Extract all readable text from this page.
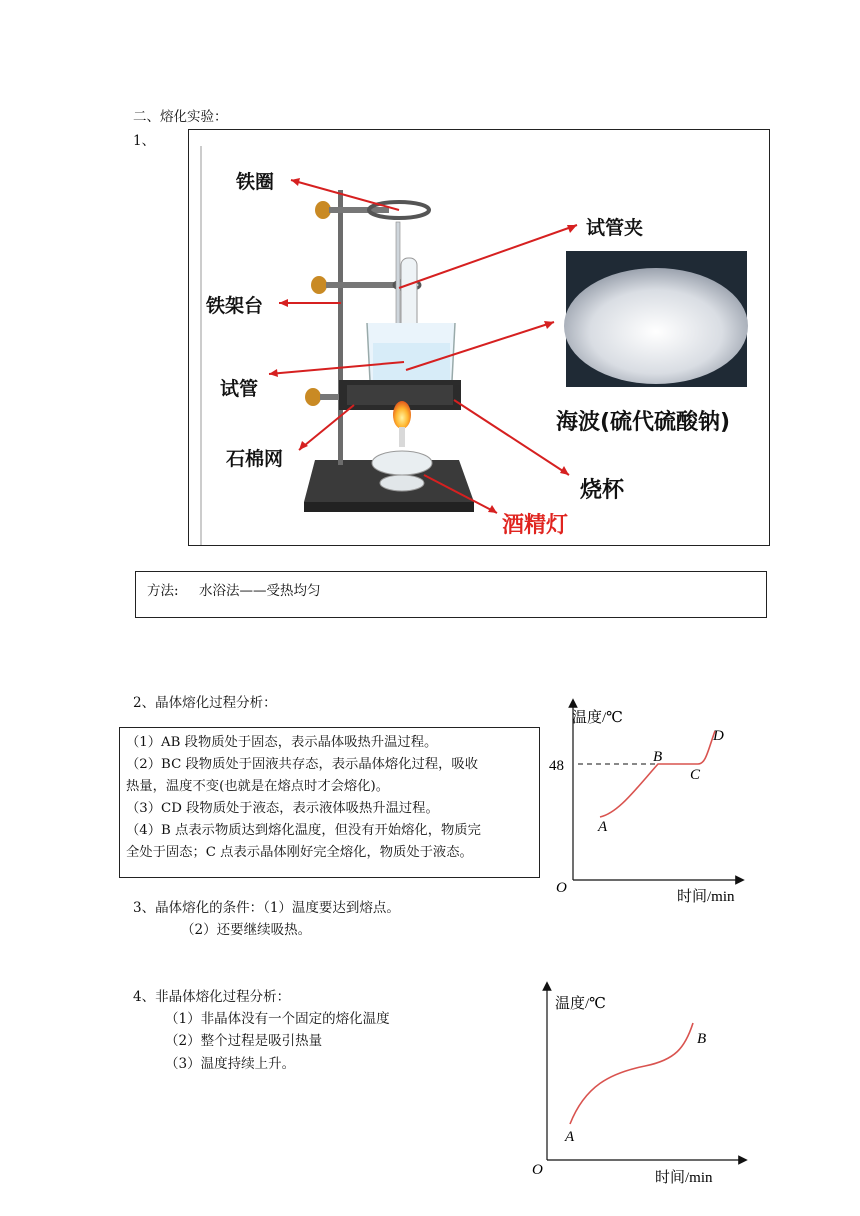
二、熔化实验：
1、
铁圈
试管夹
铁架台
试管
海波(硫代硫酸钠)
石棉网
烧杯
酒精灯
方法: 水浴法——受热均匀
2、晶体熔化过程分析：

（1）AB 段物质处于固态，表示晶体吸热升温过程。

（2）BC 段物质处于固液共存态，表示晶体熔化过程，吸收

热量，温度不变(也就是在熔点时才会熔化)。

（3）CD 段物质处于液态，表示液体吸热升温过程。

（4）B 点表示物质达到熔化温度，但没有开始熔化，物质完

全处于固态；C 点表示晶体刚好完全熔化，物质处于液态。

3、晶体熔化的条件：（1）温度要达到熔点。
（2）还要继续吸热。
4、非晶体熔化过程分析：
（1）非晶体没有一个固定的熔化温度
（2）整个过程是吸引热量
（3）温度持续上升。
温度/℃
时间/min
O
48
A
B
C
D
温度/℃
时间/min
O
A
B
